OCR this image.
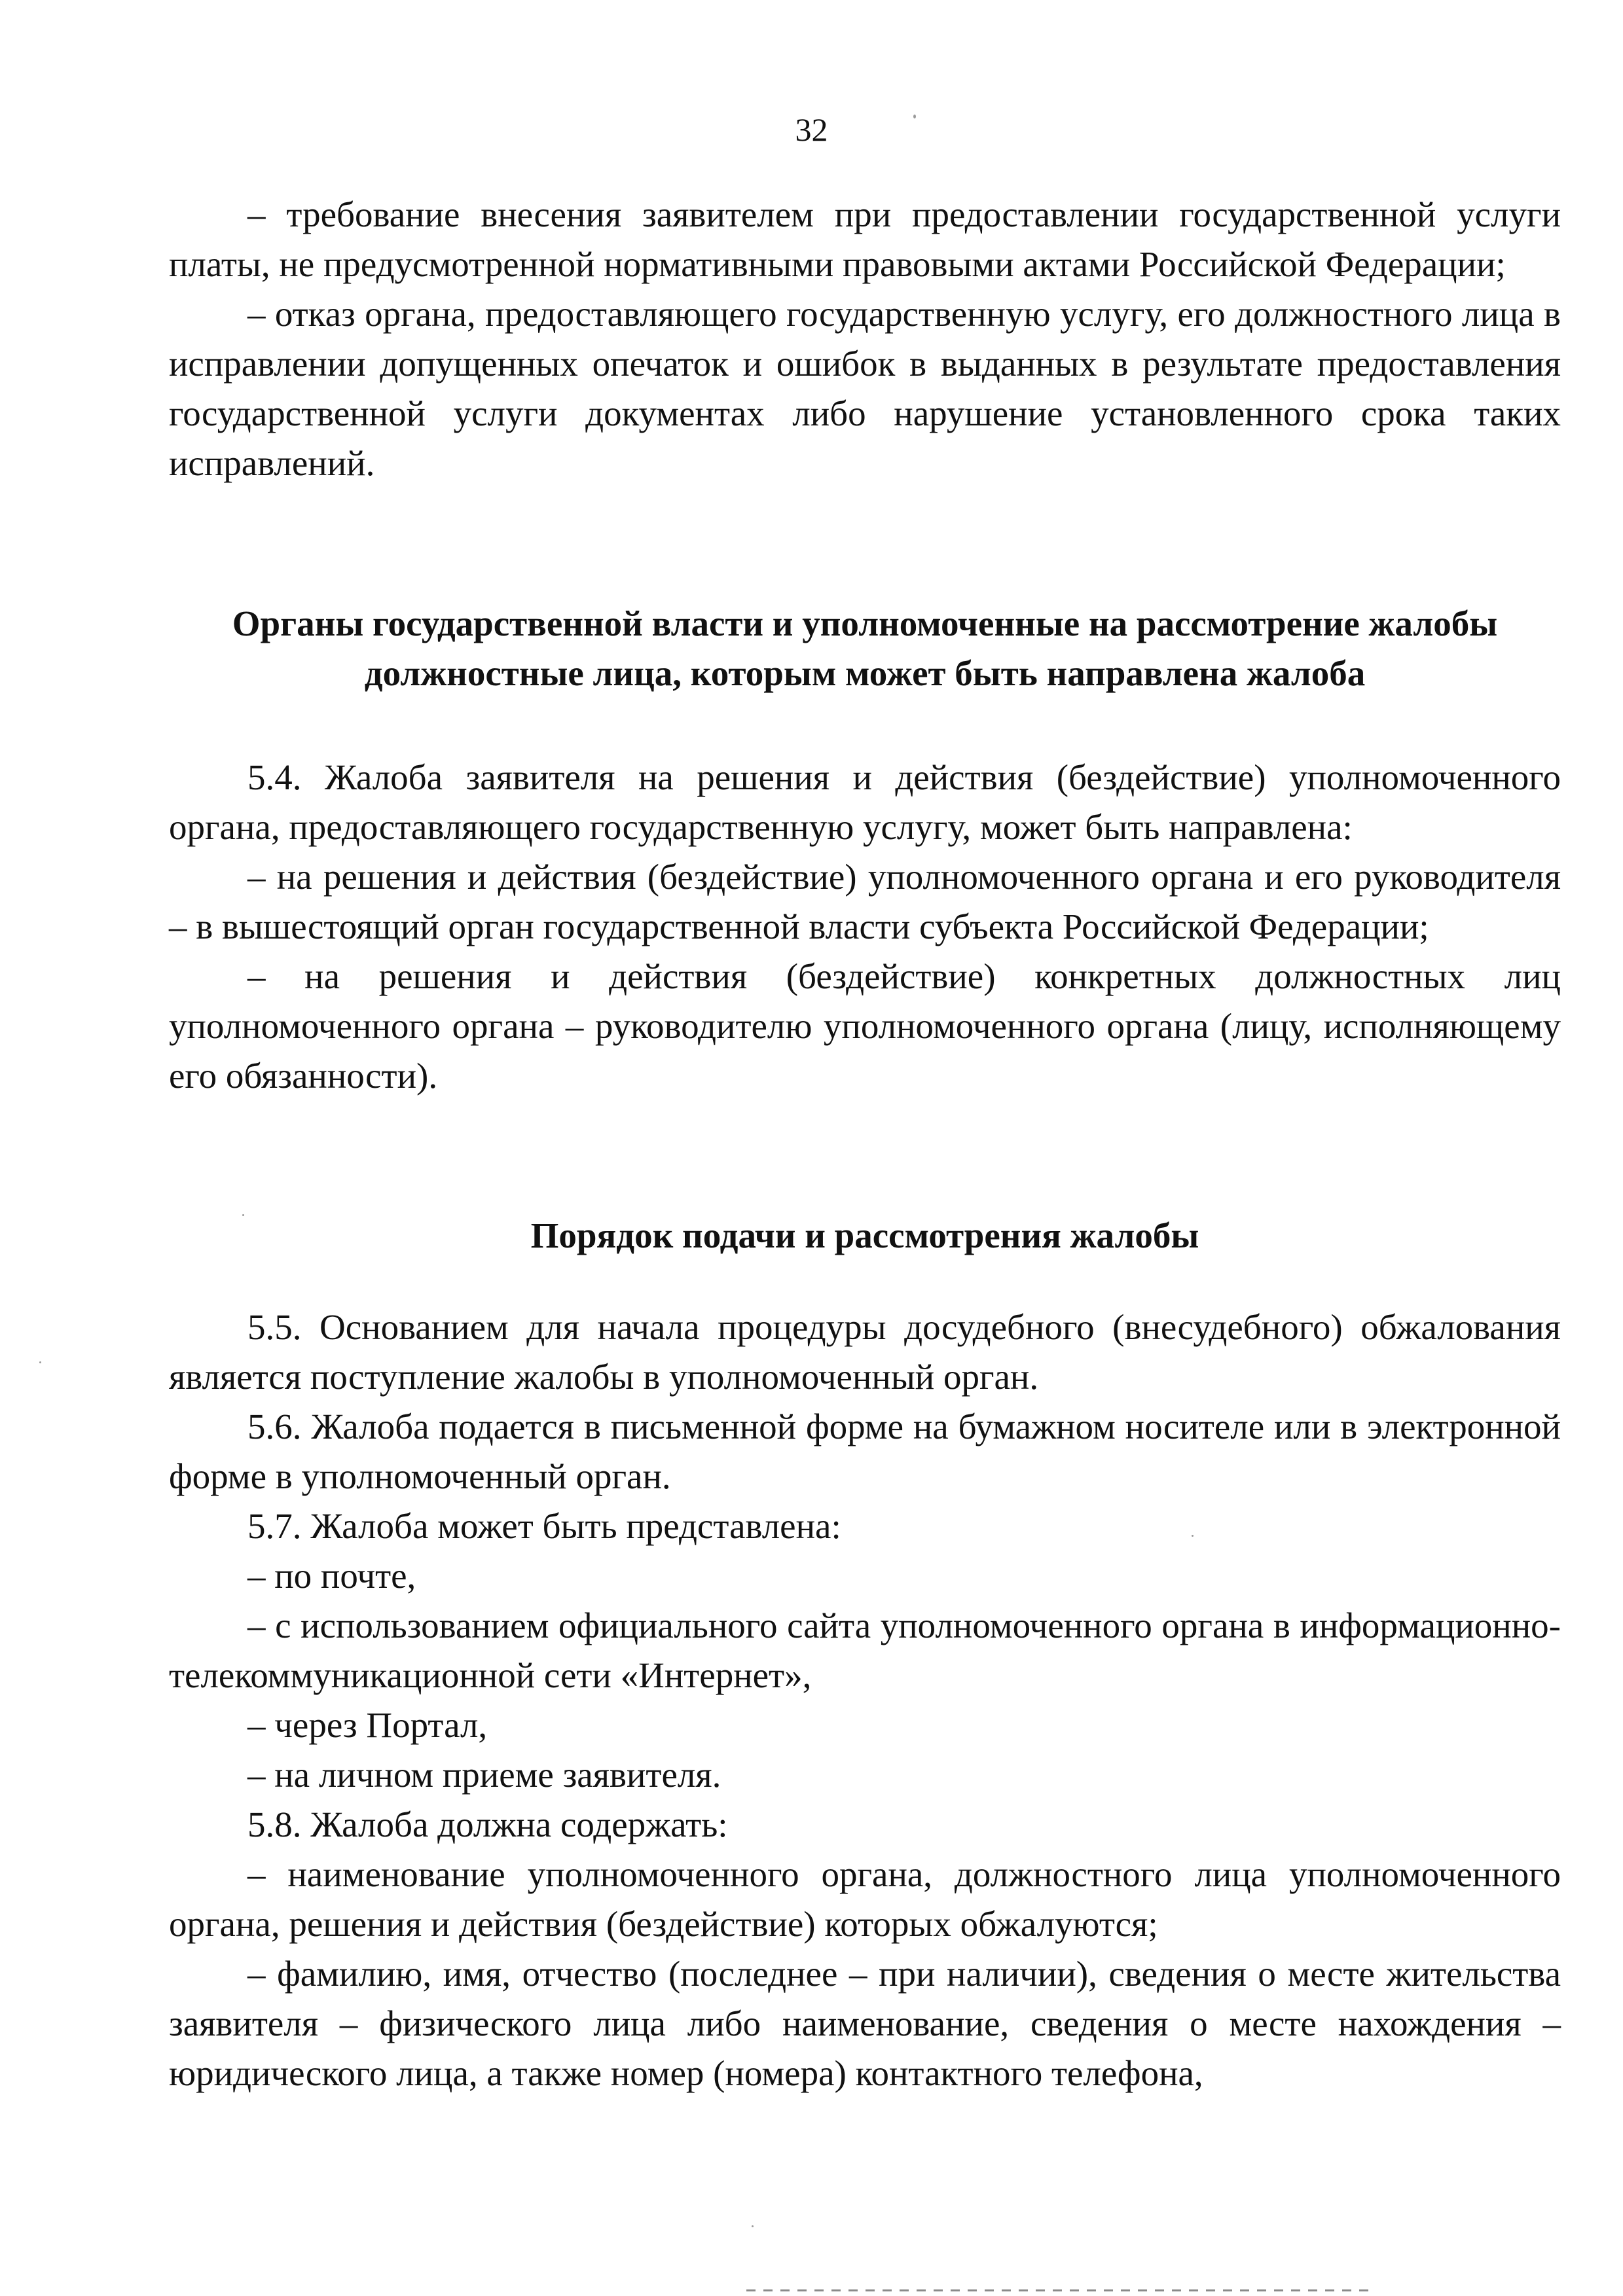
32

– требование внесения заявителем при предоставлении государственной услуги платы, не предусмотренной нормативными правовыми актами Российской Федерации;

– отказ органа, предоставляющего государственную услугу, его должностного лица в исправлении допущенных опечаток и ошибок в выданных в результате предоставления государственной услуги документах либо нарушение установленного срока таких исправлений.

Органы государственной власти и уполномоченные на рассмотрение жалобы

должностные лица, которым может быть направлена жалоба

5.4. Жалоба заявителя на решения и действия (бездействие) уполномоченного органа, предоставляющего государственную услугу, может быть направлена:

– на решения и действия (бездействие) уполномоченного органа и его руководителя – в вышестоящий орган государственной власти субъекта Российской Федерации;

– на решения и действия (бездействие) конкретных должностных лиц уполномоченного органа – руководителю уполномоченного органа (лицу, исполняющему его обязанности).

Порядок подачи и рассмотрения жалобы

5.5. Основанием для начала процедуры досудебного (внесудебного) обжалования является поступление жалобы в уполномоченный орган.

5.6. Жалоба подается в письменной форме на бумажном носителе или в электронной форме в уполномоченный орган.

5.7. Жалоба может быть представлена:

– по почте,

– с использованием официального сайта уполномоченного органа в информационно-телекоммуникационной сети «Интернет»,

– через Портал,

– на личном приеме заявителя.

5.8. Жалоба должна содержать:

– наименование уполномоченного органа, должностного лица уполномоченного органа, решения и действия (бездействие) которых обжалуются;

– фамилию, имя, отчество (последнее – при наличии), сведения о месте жительства заявителя – физического лица либо наименование, сведения о месте нахождения – юридического лица, а также номер (номера) контактного телефона,
